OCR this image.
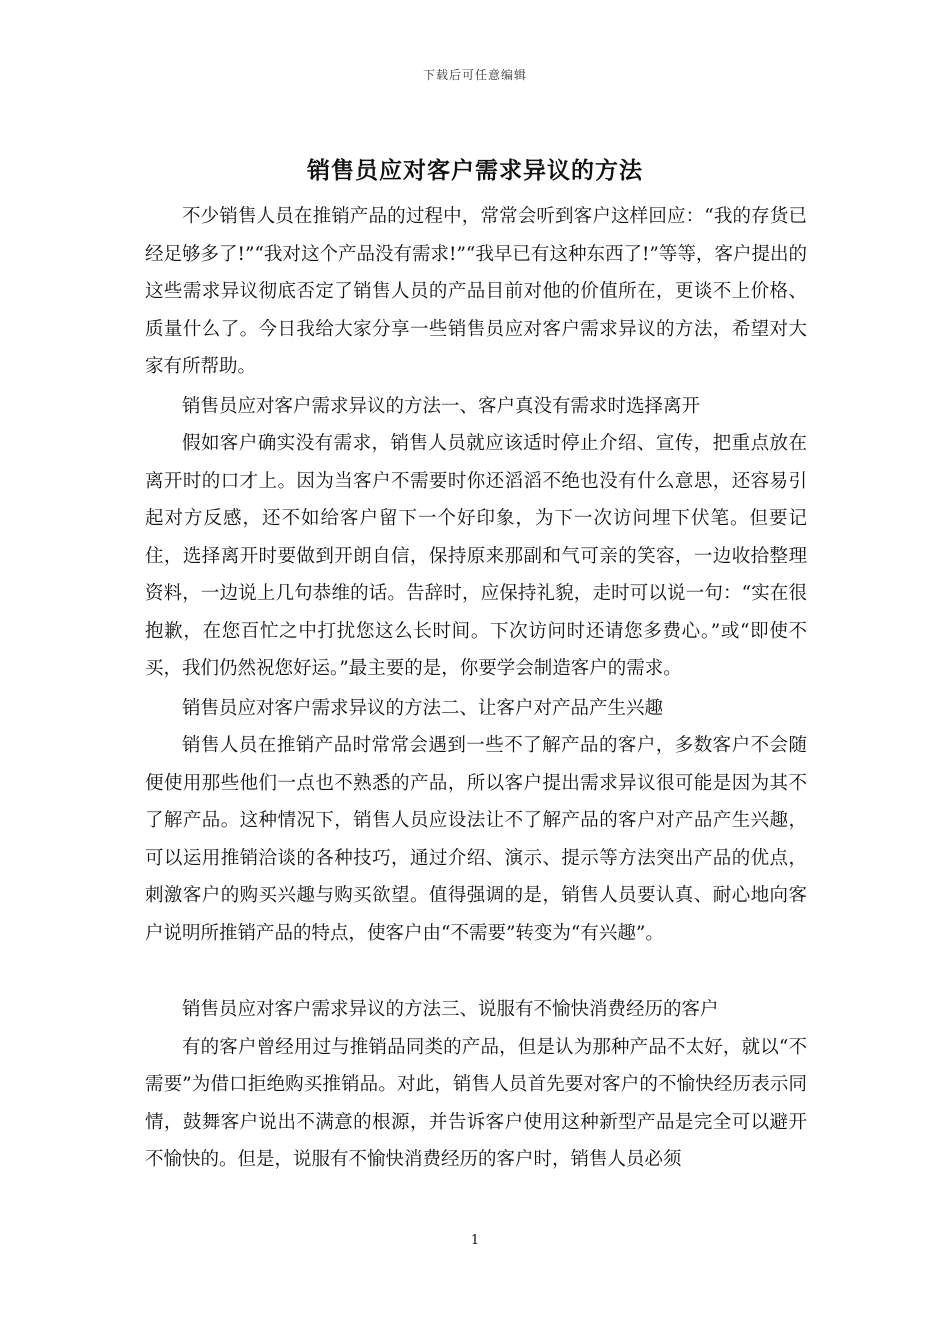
下载后可任意编辑
销售员应对客户需求异议的方法

不少销售人员在推销产品的过程中，常常会听到客户这样回应：“我的存货已经足够多了!”“我对这个产品没有需求!”“我早已有这种东西了!”等等，客户提出的这些需求异议彻底否定了销售人员的产品目前对他的价值所在，更谈不上价格、质量什么了。今日我给大家分享一些销售员应对客户需求异议的方法，希望对大家有所帮助。

销售员应对客户需求异议的方法一、客户真没有需求时选择离开

假如客户确实没有需求，销售人员就应该适时停止介绍、宣传，把重点放在离开时的口才上。因为当客户不需要时你还滔滔不绝也没有什么意思，还容易引起对方反感，还不如给客户留下一个好印象，为下一次访问埋下伏笔。但要记住，选择离开时要做到开朗自信，保持原来那副和气可亲的笑容，一边收拾整理资料，一边说上几句恭维的话。告辞时，应保持礼貌，走时可以说一句：“实在很抱歉，在您百忙之中打扰您这么长时间。下次访问时还请您多费心。”或“即使不买，我们仍然祝您好运。”最主要的是，你要学会制造客户的需求。

销售员应对客户需求异议的方法二、让客户对产品产生兴趣

销售人员在推销产品时常常会遇到一些不了解产品的客户，多数客户不会随便使用那些他们一点也不熟悉的产品，所以客户提出需求异议很可能是因为其不了解产品。这种情况下，销售人员应设法让不了解产品的客户对产品产生兴趣，可以运用推销洽谈的各种技巧，通过介绍、演示、提示等方法突出产品的优点，刺激客户的购买兴趣与购买欲望。值得强调的是，销售人员要认真、耐心地向客户说明所推销产品的特点，使客户由“不需要”转变为“有兴趣”。

销售员应对客户需求异议的方法三、说服有不愉快消费经历的客户

有的客户曾经用过与推销品同类的产品，但是认为那种产品不太好，就以“不需要”为借口拒绝购买推销品。对此，销售人员首先要对客户的不愉快经历表示同情，鼓舞客户说出不满意的根源，并告诉客户使用这种新型产品是完全可以避开不愉快的。但是，说服有不愉快消费经历的客户时，销售人员必须

1
